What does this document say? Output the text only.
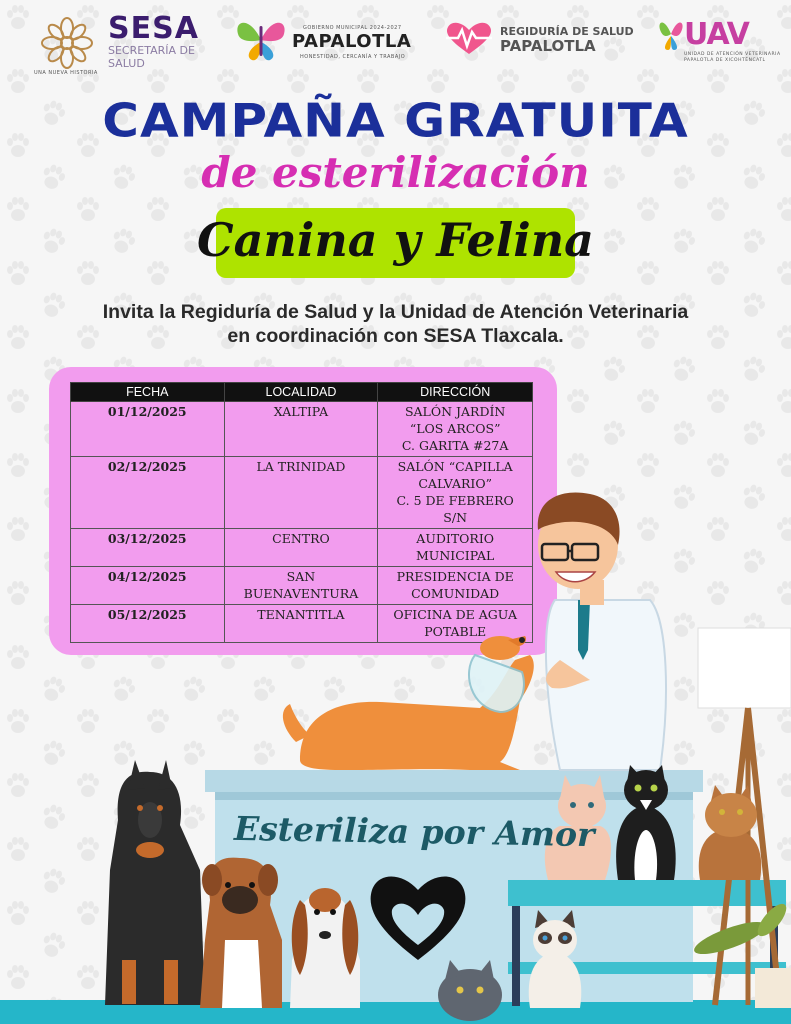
UNA NUEVA HISTORIA
SESA
SECRETARÍA DE
SALUD
GOBIERNO MUNICIPAL 2024-2027
PAPALOTLA
HONESTIDAD, CERCANÍA Y TRABAJO
REGIDURÍA DE SALUD
PAPALOTLA	UAV
UNIDAD DE ATENCIÓN VETERINARIA
PAPALOTLA DE XICOHTÉNCATL
CAMPAÑA GRATUITA
de esterilización
Canina y Felina
Invita la Regiduría de Salud y la Unidad de Atención Veterinaria
en coordinación con SESA Tlaxcala.
FECHA	LOCALIDAD	DIRECCIÓN
01/12/2025	XALTIPA	SALÓN JARDÍN
“LOS ARCOS”
C. GARITA #27A
02/12/2025	LA TRINIDAD	SALÓN “CAPILLA
CALVARIO”
C. 5 DE FEBRERO
S/N
03/12/2025	CENTRO	AUDITORIO
MUNICIPAL
04/12/2025	SAN
BUENAVENTURA	PRESIDENCIA DE
COMUNIDAD
05/12/2025	TENANTITLA	OFICINA DE AGUA
POTABLE
Esteriliza por Amor
